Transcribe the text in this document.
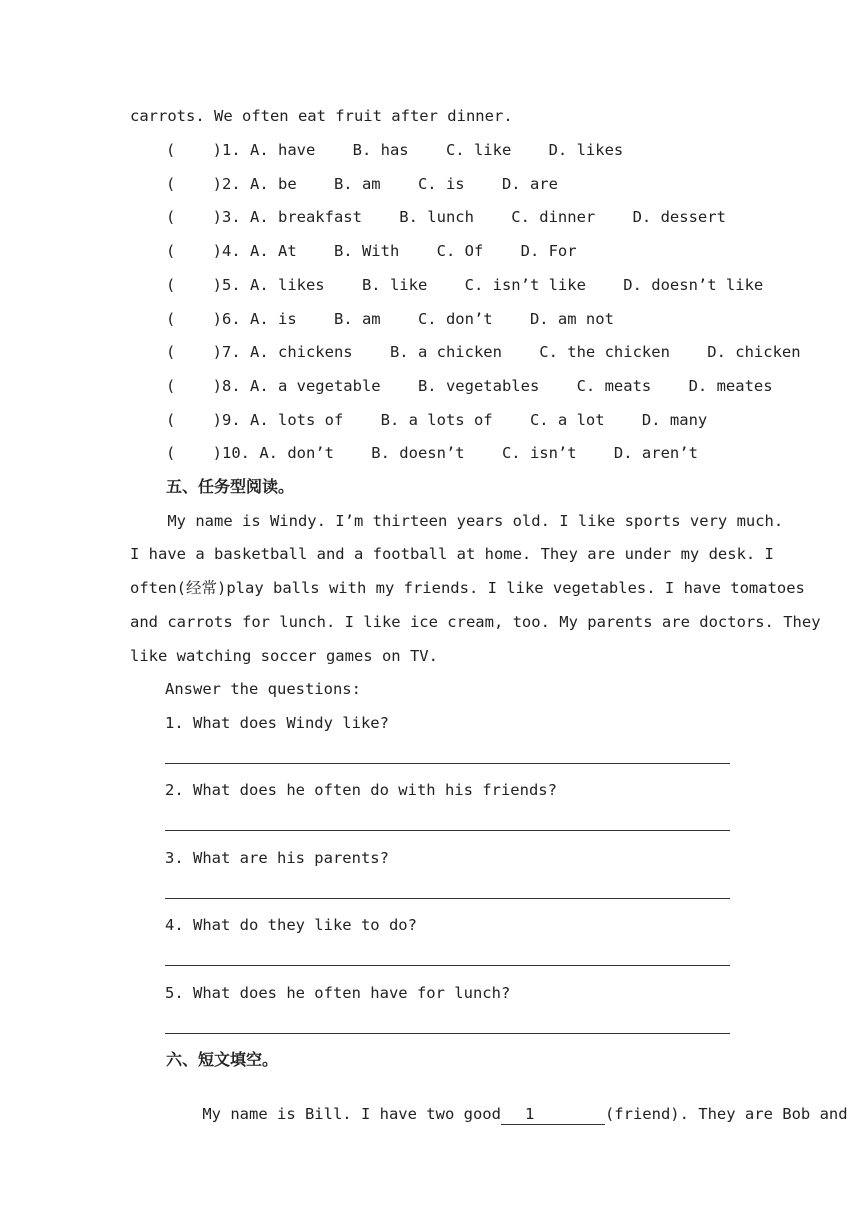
carrots. We often eat fruit after dinner.
(    )1. A. have    B. has    C. like    D. likes
(    )2. A. be    B. am    C. is    D. are
(    )3. A. breakfast    B. lunch    C. dinner    D. dessert
(    )4. A. At    B. With    C. Of    D. For
(    )5. A. likes    B. like    C. isn’t like    D. doesn’t like
(    )6. A. is    B. am    C. don’t    D. am not
(    )7. A. chickens    B. a chicken    C. the chicken    D. chicken
(    )8. A. a vegetable    B. vegetables    C. meats    D. meates
(    )9. A. lots of    B. a lots of    C. a lot    D. many
(    )10. A. don’t    B. doesn’t    C. isn’t    D. aren’t
五、任务型阅读。
My name is Windy. I’m thirteen years old. I like sports very much.
I have a basketball and a football at home. They are under my desk. I
often(经常)play balls with my friends. I like vegetables. I have tomatoes
and carrots for lunch. I like ice cream, too. My parents are doctors. They
like watching soccer games on TV.
Answer the questions:
1. What does Windy like?
2. What does he often do with his friends?
3. What are his parents?
4. What do they like to do?
5. What does he often have for lunch?
六、短文填空。

My name is Bill. I have two good 1	(friend). They are Bob and
